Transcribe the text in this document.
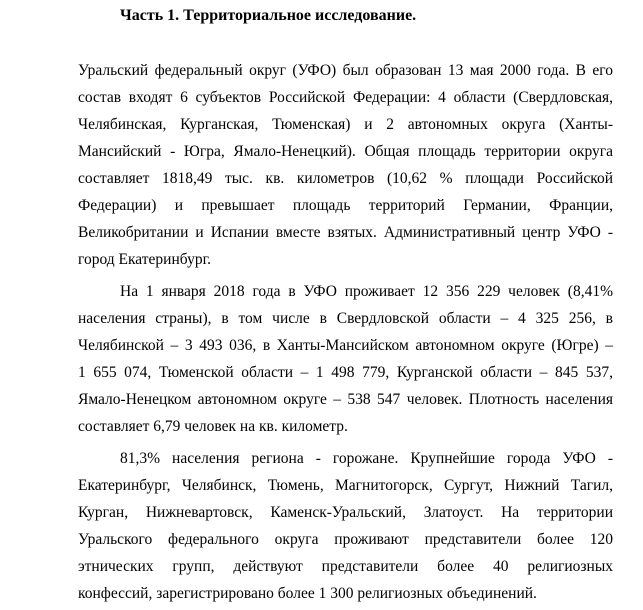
Часть 1. Территориальное исследование.
Уральский федеральный округ (УФО) был образован 13 мая 2000 года. В его
состав входят 6 субъектов Российской Федерации: 4 области (Свердловская,
Челябинская, Курганская, Тюменская) и 2 автономных округа (Ханты-
Мансийский - Югра, Ямало-Ненецкий). Общая площадь территории округа
составляет 1818,49 тыс. кв. километров (10,62 % площади Российской
Федерации) и превышает площадь территорий Германии, Франции,
Великобритании и Испании вместе взятых. Административный центр УФО -
город Екатеринбург.
На 1 января 2018 года в УФО проживает 12 356 229 человек (8,41%
населения страны), в том числе в Свердловской области – 4 325 256, в
Челябинской – 3 493 036, в Ханты-Мансийском автономном округе (Югре) –
1 655 074, Тюменской области – 1 498 779, Курганской области – 845 537,
Ямало-Ненецком автономном округе – 538 547 человек. Плотность населения
составляет 6,79 человек на кв. километр.
81,3% населения региона - горожане. Крупнейшие города УФО -
Екатеринбург, Челябинск, Тюмень, Магнитогорск, Сургут, Нижний Тагил,
Курган, Нижневартовск, Каменск-Уральский, Златоуст. На территории
Уральского федерального округа проживают представители более 120
этнических групп, действуют представители более 40 религиозных
конфессий, зарегистрировано более 1 300 религиозных объединений.
